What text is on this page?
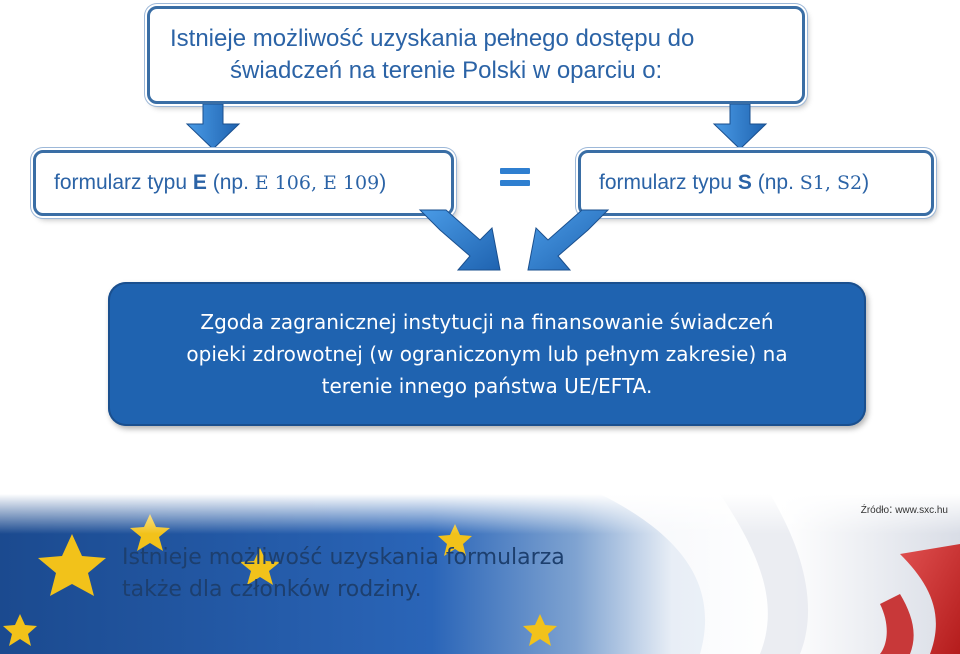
Istnieje możliwość uzyskania pełnego dostępu do
świadczeń na terenie Polski w oparciu o:
formularz typu E (np. E 106, E 109)	formularz typu S (np. S1, S2)
Zgoda zagranicznej instytucji na finansowanie świadczeń
opieki zdrowotnej (w ograniczonym lub pełnym zakresie) na
terenie innego państwa UE/EFTA.
Źródło: www.sxc.hu
Istnieje możliwość uzyskania formularza
także dla członków rodziny.
